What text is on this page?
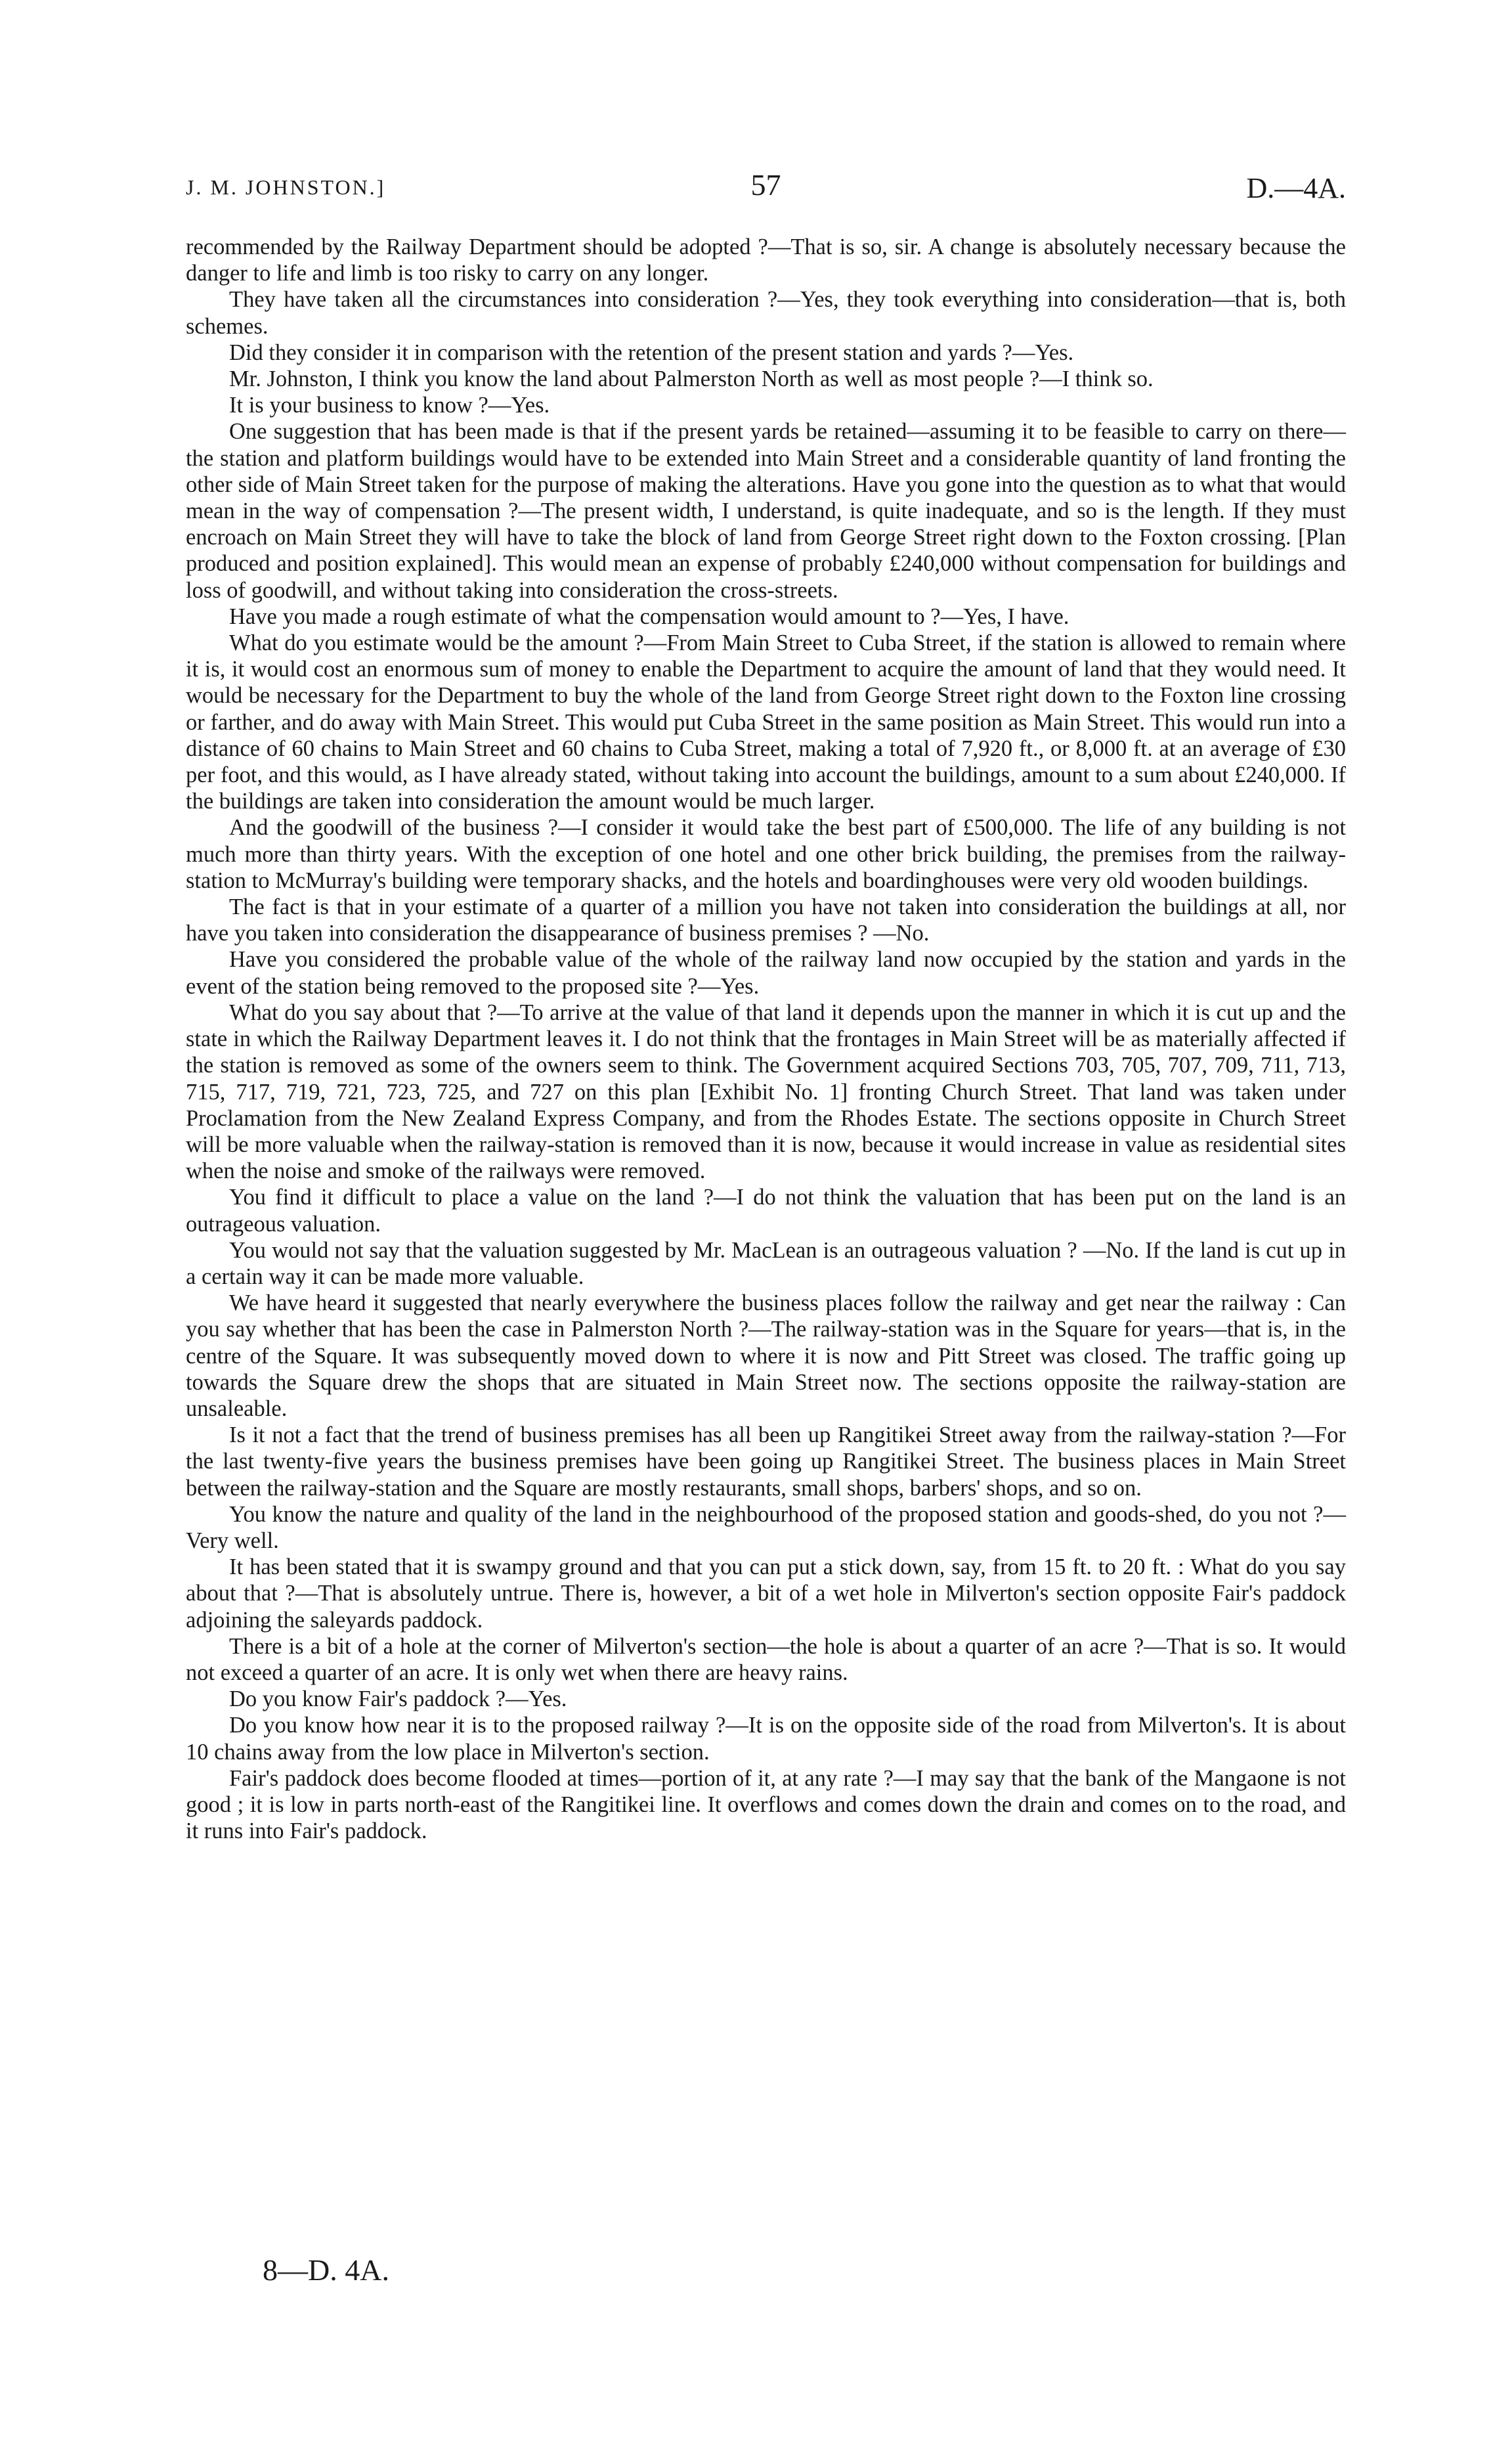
J. M. JOHNSTON.]	57	D.—4A.

recommended by the Railway Department should be adopted ?—That is so, sir. A change is absolutely necessary because the danger to life and limb is too risky to carry on any longer.

They have taken all the circumstances into consideration ?—Yes, they took everything into consideration—that is, both schemes.

Did they consider it in comparison with the retention of the present station and yards ?—Yes.

Mr. Johnston, I think you know the land about Palmerston North as well as most people ?—I think so.

It is your business to know ?—Yes.

One suggestion that has been made is that if the present yards be retained—assuming it to be feasible to carry on there—the station and platform buildings would have to be extended into Main Street and a considerable quantity of land fronting the other side of Main Street taken for the purpose of making the alterations. Have you gone into the question as to what that would mean in the way of compensation ?—The present width, I understand, is quite inadequate, and so is the length. If they must encroach on Main Street they will have to take the block of land from George Street right down to the Foxton crossing. [Plan produced and position explained]. This would mean an expense of probably £240,000 without compensation for buildings and loss of goodwill, and without taking into consideration the cross-streets.

Have you made a rough estimate of what the compensation would amount to ?—Yes, I have.

What do you estimate would be the amount ?—From Main Street to Cuba Street, if the station is allowed to remain where it is, it would cost an enormous sum of money to enable the Department to acquire the amount of land that they would need. It would be necessary for the Department to buy the whole of the land from George Street right down to the Foxton line crossing or farther, and do away with Main Street. This would put Cuba Street in the same position as Main Street. This would run into a distance of 60 chains to Main Street and 60 chains to Cuba Street, making a total of 7,920 ft., or 8,000 ft. at an average of £30 per foot, and this would, as I have already stated, without taking into account the buildings, amount to a sum about £240,000. If the buildings are taken into consideration the amount would be much larger.

And the goodwill of the business ?—I consider it would take the best part of £500,000. The life of any building is not much more than thirty years. With the exception of one hotel and one other brick building, the premises from the railway-station to McMurray's building were temporary shacks, and the hotels and boardinghouses were very old wooden buildings.

The fact is that in your estimate of a quarter of a million you have not taken into consideration the buildings at all, nor have you taken into consideration the disappearance of business premises ? —No.

Have you considered the probable value of the whole of the railway land now occupied by the station and yards in the event of the station being removed to the proposed site ?—Yes.

What do you say about that ?—To arrive at the value of that land it depends upon the manner in which it is cut up and the state in which the Railway Department leaves it. I do not think that the frontages in Main Street will be as materially affected if the station is removed as some of the owners seem to think. The Government acquired Sections 703, 705, 707, 709, 711, 713, 715, 717, 719, 721, 723, 725, and 727 on this plan [Exhibit No. 1] fronting Church Street. That land was taken under Proclamation from the New Zealand Express Company, and from the Rhodes Estate. The sections opposite in Church Street will be more valuable when the railway-station is removed than it is now, because it would increase in value as residential sites when the noise and smoke of the railways were removed.

You find it difficult to place a value on the land ?—I do not think the valuation that has been put on the land is an outrageous valuation.

You would not say that the valuation suggested by Mr. MacLean is an outrageous valuation ? —No. If the land is cut up in a certain way it can be made more valuable.

We have heard it suggested that nearly everywhere the business places follow the railway and get near the railway : Can you say whether that has been the case in Palmerston North ?—The railway-station was in the Square for years—that is, in the centre of the Square. It was subsequently moved down to where it is now and Pitt Street was closed. The traffic going up towards the Square drew the shops that are situated in Main Street now. The sections opposite the railway-station are unsaleable.

Is it not a fact that the trend of business premises has all been up Rangitikei Street away from the railway-station ?—For the last twenty-five years the business premises have been going up Rangitikei Street. The business places in Main Street between the railway-station and the Square are mostly restaurants, small shops, barbers' shops, and so on.

You know the nature and quality of the land in the neighbourhood of the proposed station and goods-shed, do you not ?—Very well.

It has been stated that it is swampy ground and that you can put a stick down, say, from 15 ft. to 20 ft. : What do you say about that ?—That is absolutely untrue. There is, however, a bit of a wet hole in Milverton's section opposite Fair's paddock adjoining the saleyards paddock.

There is a bit of a hole at the corner of Milverton's section—the hole is about a quarter of an acre ?—That is so. It would not exceed a quarter of an acre. It is only wet when there are heavy rains.

Do you know Fair's paddock ?—Yes.

Do you know how near it is to the proposed railway ?—It is on the opposite side of the road from Milverton's. It is about 10 chains away from the low place in Milverton's section.

Fair's paddock does become flooded at times—portion of it, at any rate ?—I may say that the bank of the Mangaone is not good ; it is low in parts north-east of the Rangitikei line. It overflows and comes down the drain and comes on to the road, and it runs into Fair's paddock.

8—D. 4A.
